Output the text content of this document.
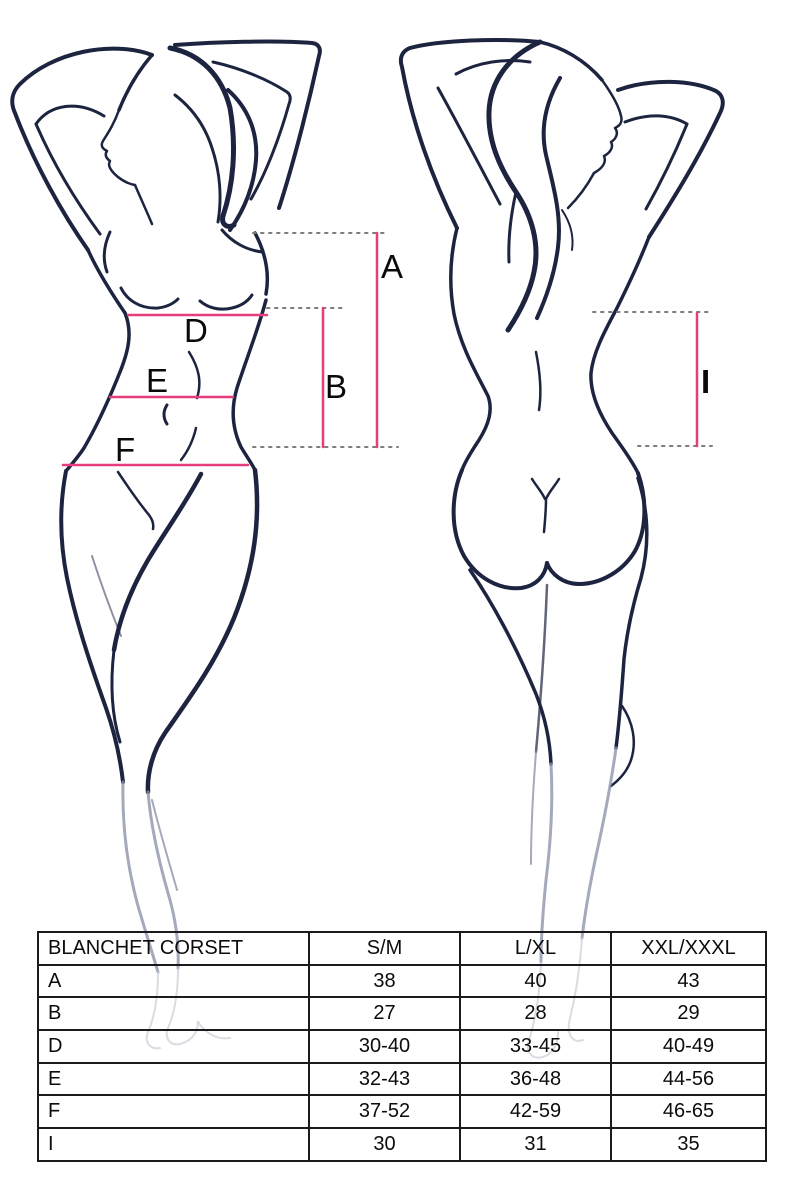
A
B
D
E
F
I
BLANCHET CORSET	S/M	L/XL	XXL/XXXL
A	38	40	43
B	27	28	29
D	30-40	33-45	40-49
E	32-43	36-48	44-56
F	37-52	42-59	46-65
I	30	31	35
